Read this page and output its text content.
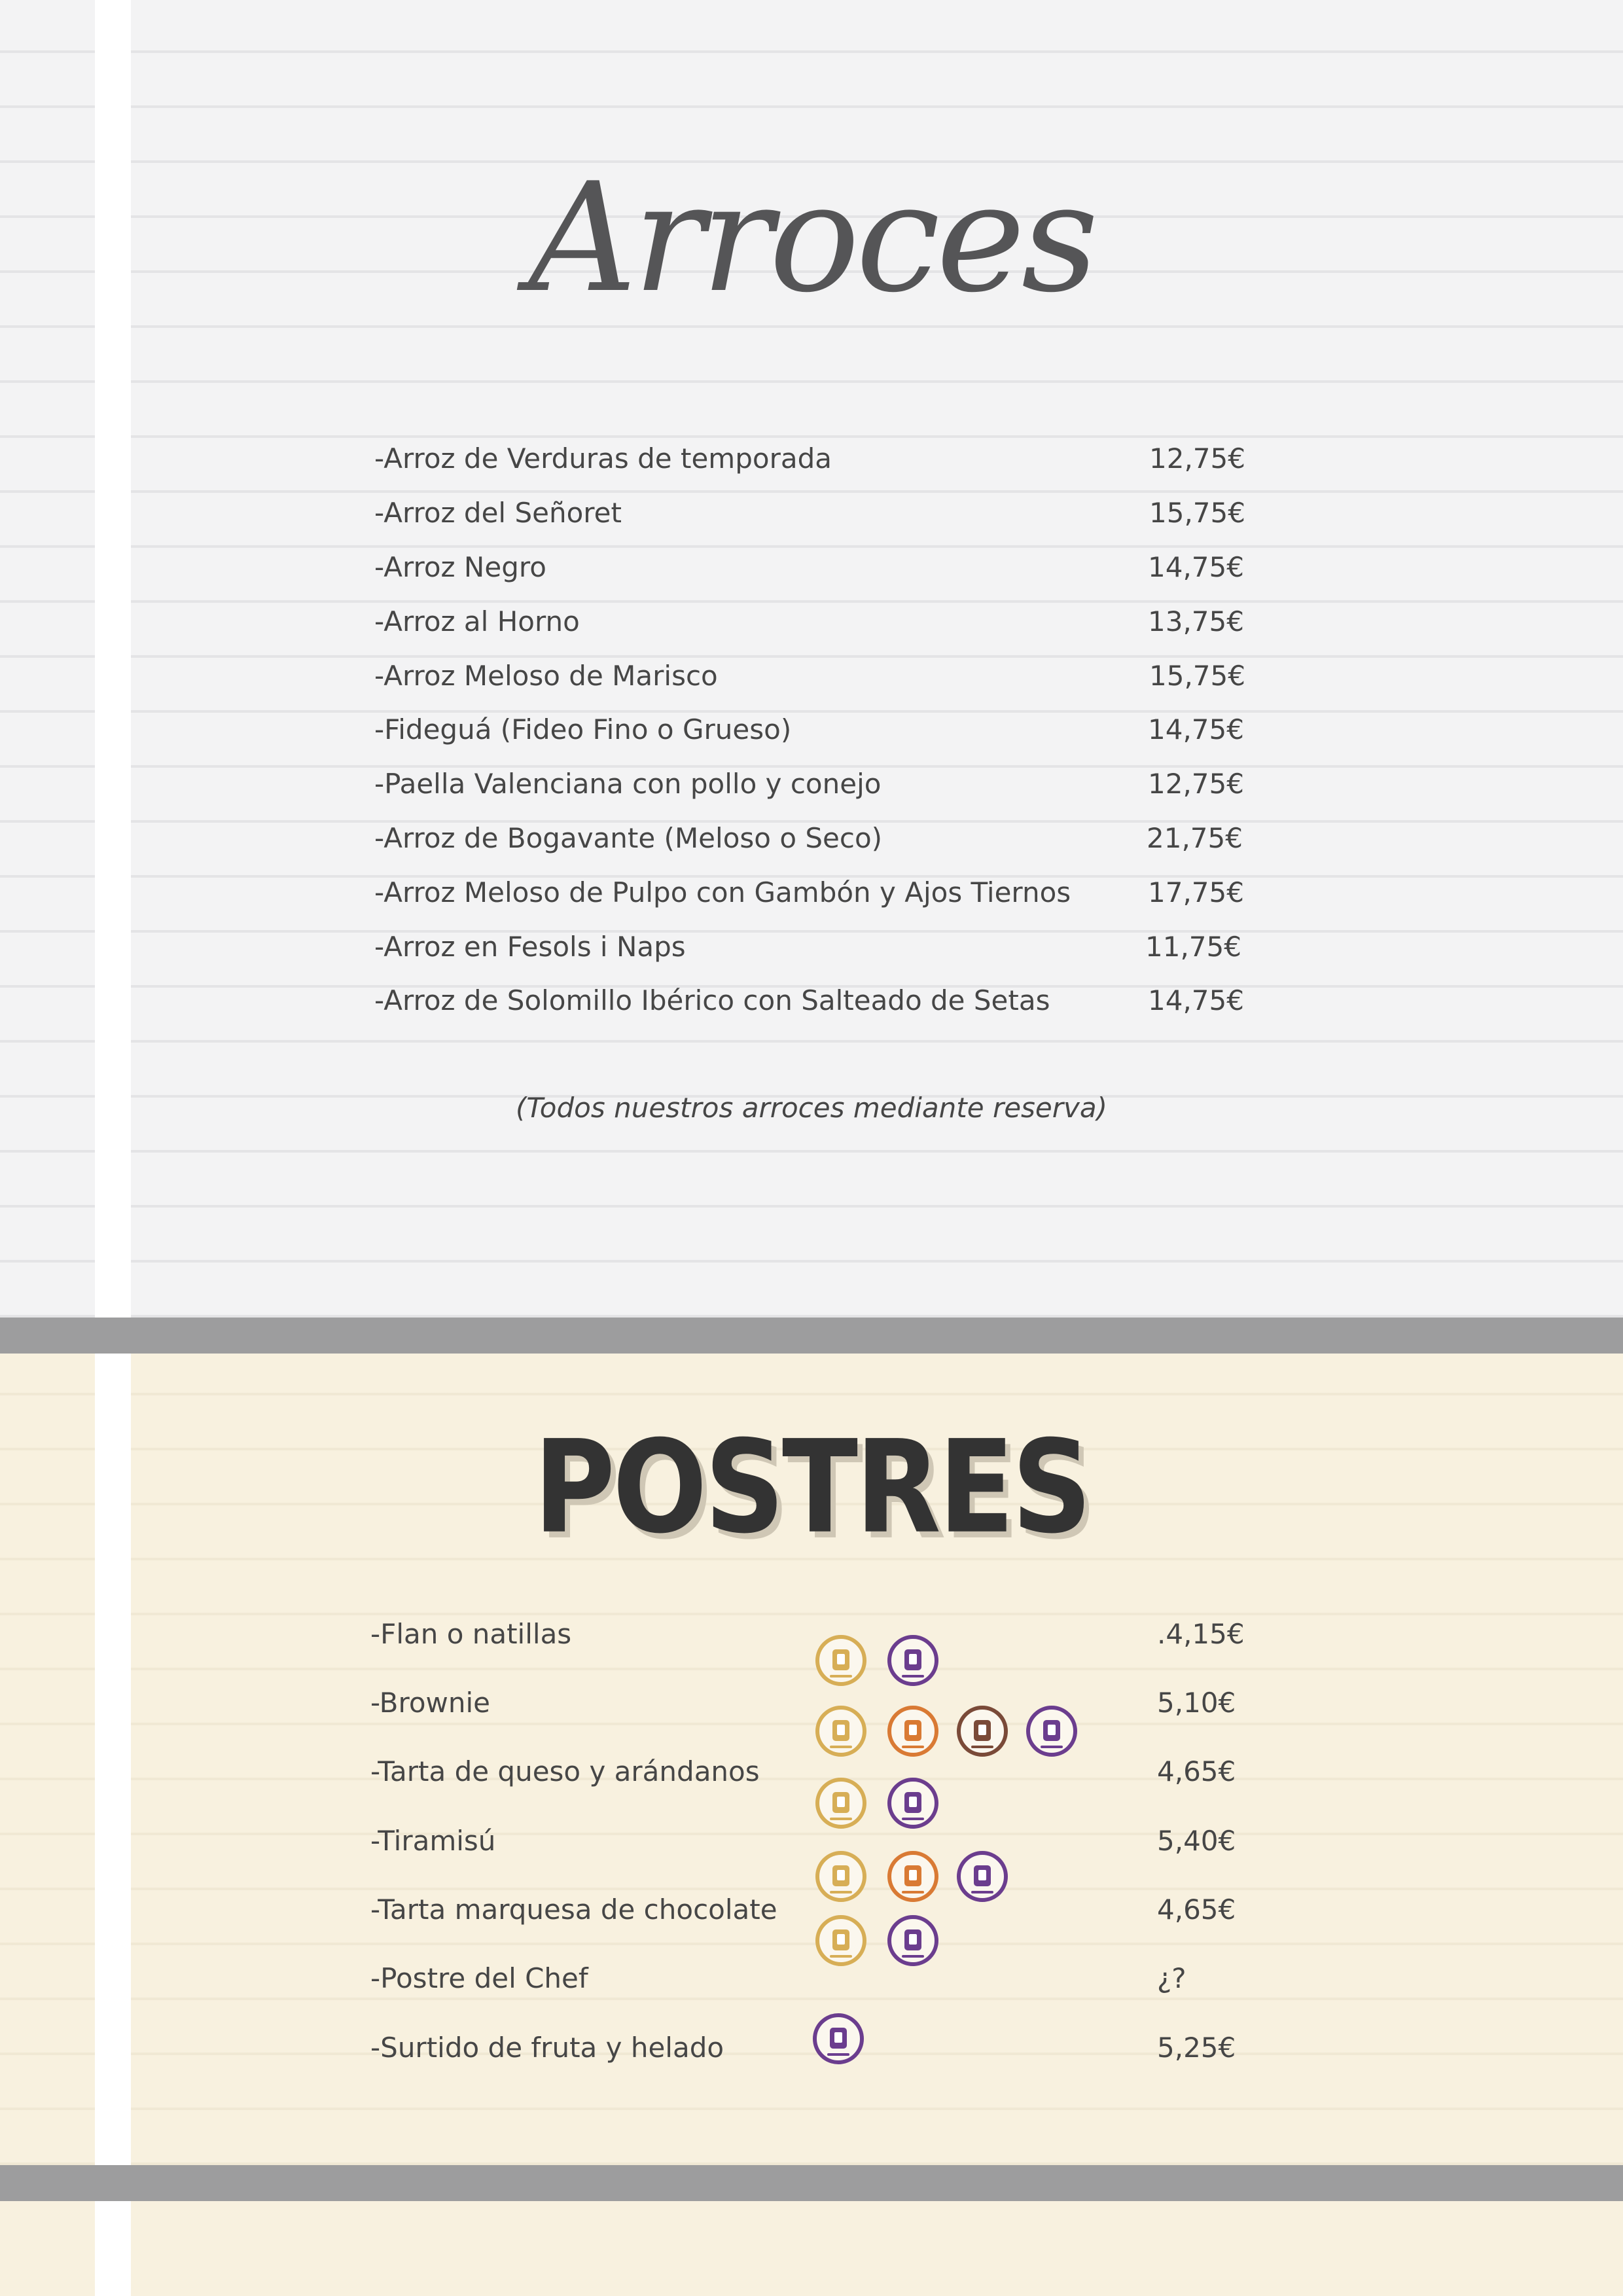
Arroces
-Arroz de Verduras de temporada	12,75€
-Arroz del Señoret	15,75€
-Arroz Negro	14,75€
-Arroz al Horno	13,75€
-Arroz Meloso de Marisco	15,75€
-Fideguá (Fideo Fino o Grueso)	14,75€
-Paella Valenciana con pollo y conejo	12,75€
-Arroz de Bogavante (Meloso o Seco)	21,75€
-Arroz Meloso de Pulpo con Gambón y Ajos Tiernos	17,75€
-Arroz en Fesols i Naps	11,75€
-Arroz de Solomillo Ibérico con Salteado de Setas	14,75€
(Todos nuestros arroces mediante reserva)
POSTRES
-Flan o natillas	.4,15€
-Brownie	5,10€
-Tarta de queso y arándanos	4,65€
-Tiramisú	5,40€
-Tarta marquesa de chocolate	4,65€
-Postre del Chef	¿?
-Surtido de fruta y helado	5,25€
